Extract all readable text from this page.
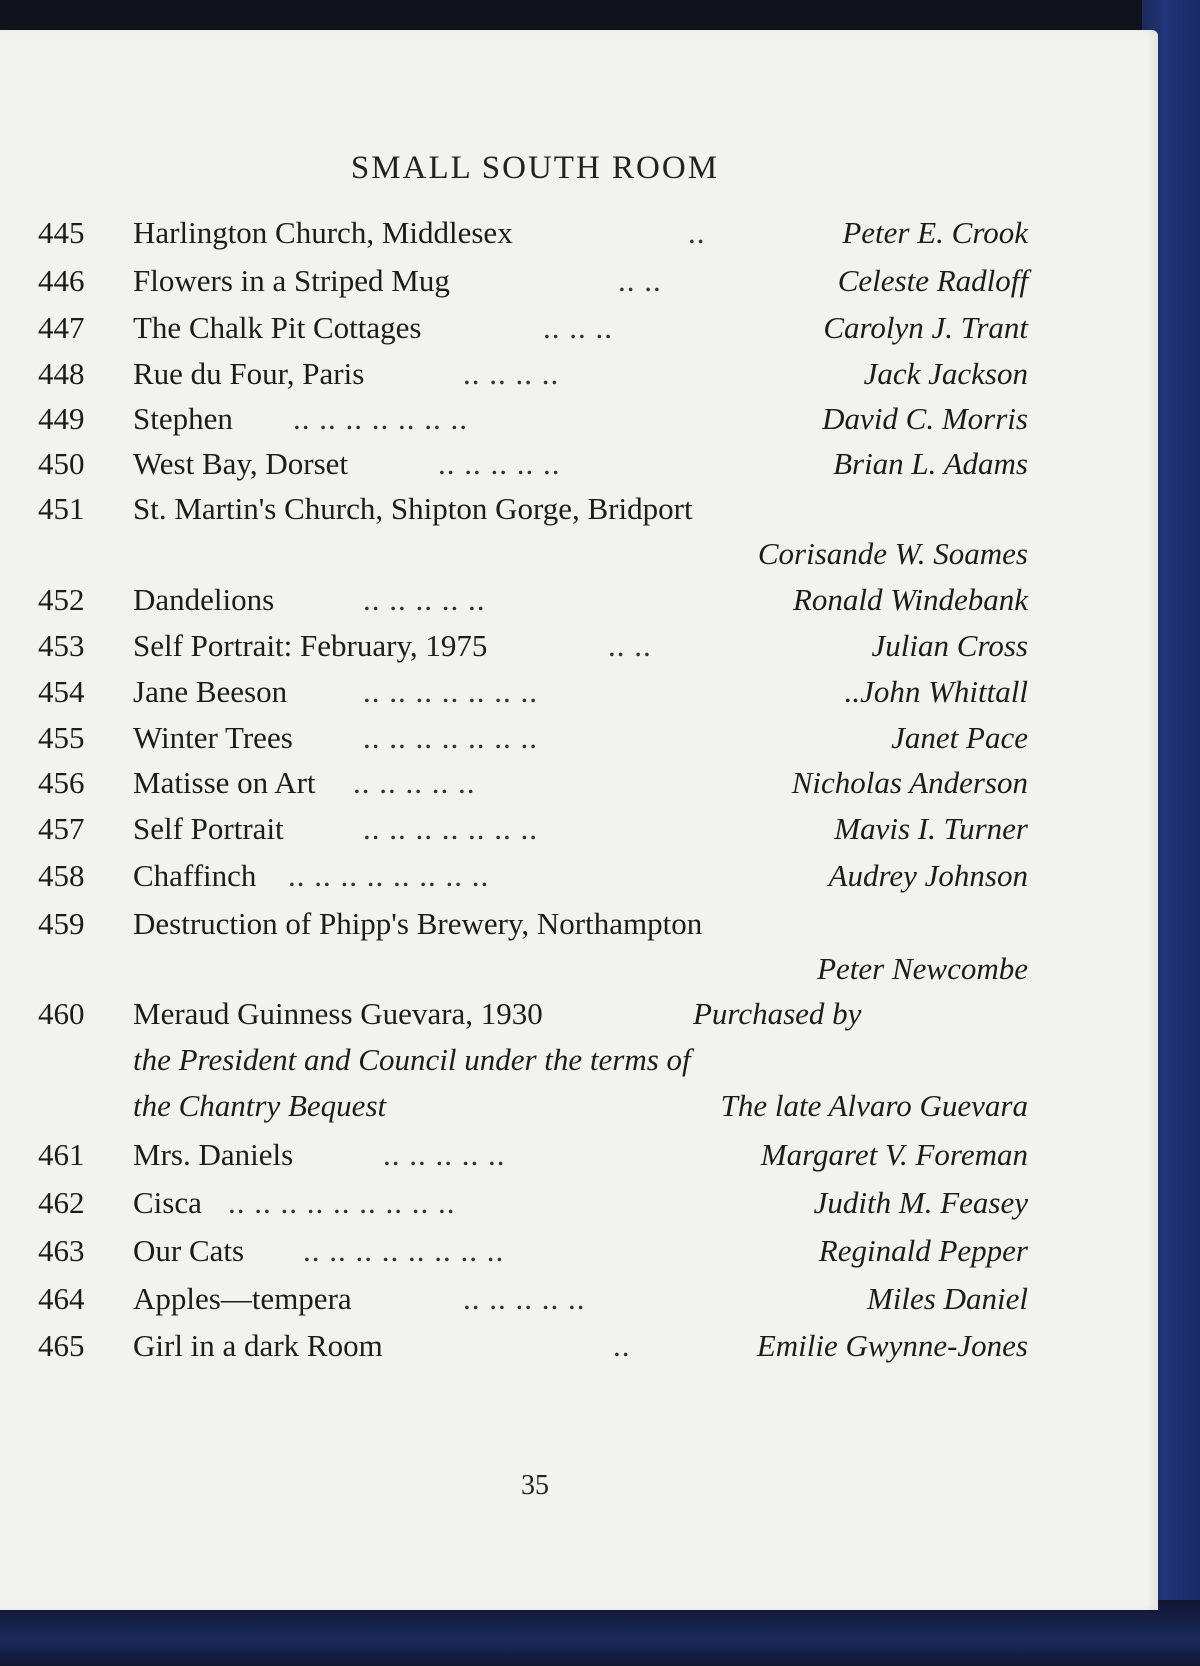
SMALL SOUTH ROOM
445	Harlington Church, Middlesex	..	Peter E. Crook
446	Flowers in a Striped Mug	.. ..	Celeste Radloff
447	The Chalk Pit Cottages	.. .. ..	Carolyn J. Trant
448	Rue du Four, Paris	.. .. .. ..	Jack Jackson
449	Stephen .. .. .. .. .. .. ..	David C. Morris
450	West Bay, Dorset	.. .. .. .. ..	Brian L. Adams
451	St. Martin's Church, Shipton Gorge, Bridport
Corisande W. Soames
452	Dandelions	.. .. .. .. ..	Ronald Windebank
453	Self Portrait: February, 1975	.. ..	Julian Cross
454	Jane Beeson .. .. .. .. .. .. ..	..John Whittall
455	Winter Trees .. .. .. .. .. .. ..	Janet Pace
456	Matisse on Art .. .. .. .. ..	Nicholas Anderson
457	Self Portrait	.. .. .. .. .. .. ..	Mavis I. Turner
458	Chaffinch .. .. .. .. .. .. .. ..	Audrey Johnson
459	Destruction of Phipp's Brewery, Northampton
Peter Newcombe
460	Meraud Guinness Guevara, 1930	Purchased by
the President and Council under the terms of
the Chantry Bequest	The late Alvaro Guevara
461	Mrs. Daniels	.. .. .. .. ..	Margaret V. Foreman
462	Cisca .. .. .. .. .. .. .. .. ..	Judith M. Feasey
463	Our Cats .. .. .. .. .. .. .. ..	Reginald Pepper
464	Apples—tempera	.. .. .. .. ..	Miles Daniel
465	Girl in a dark Room	..	Emilie Gwynne-Jones
35
